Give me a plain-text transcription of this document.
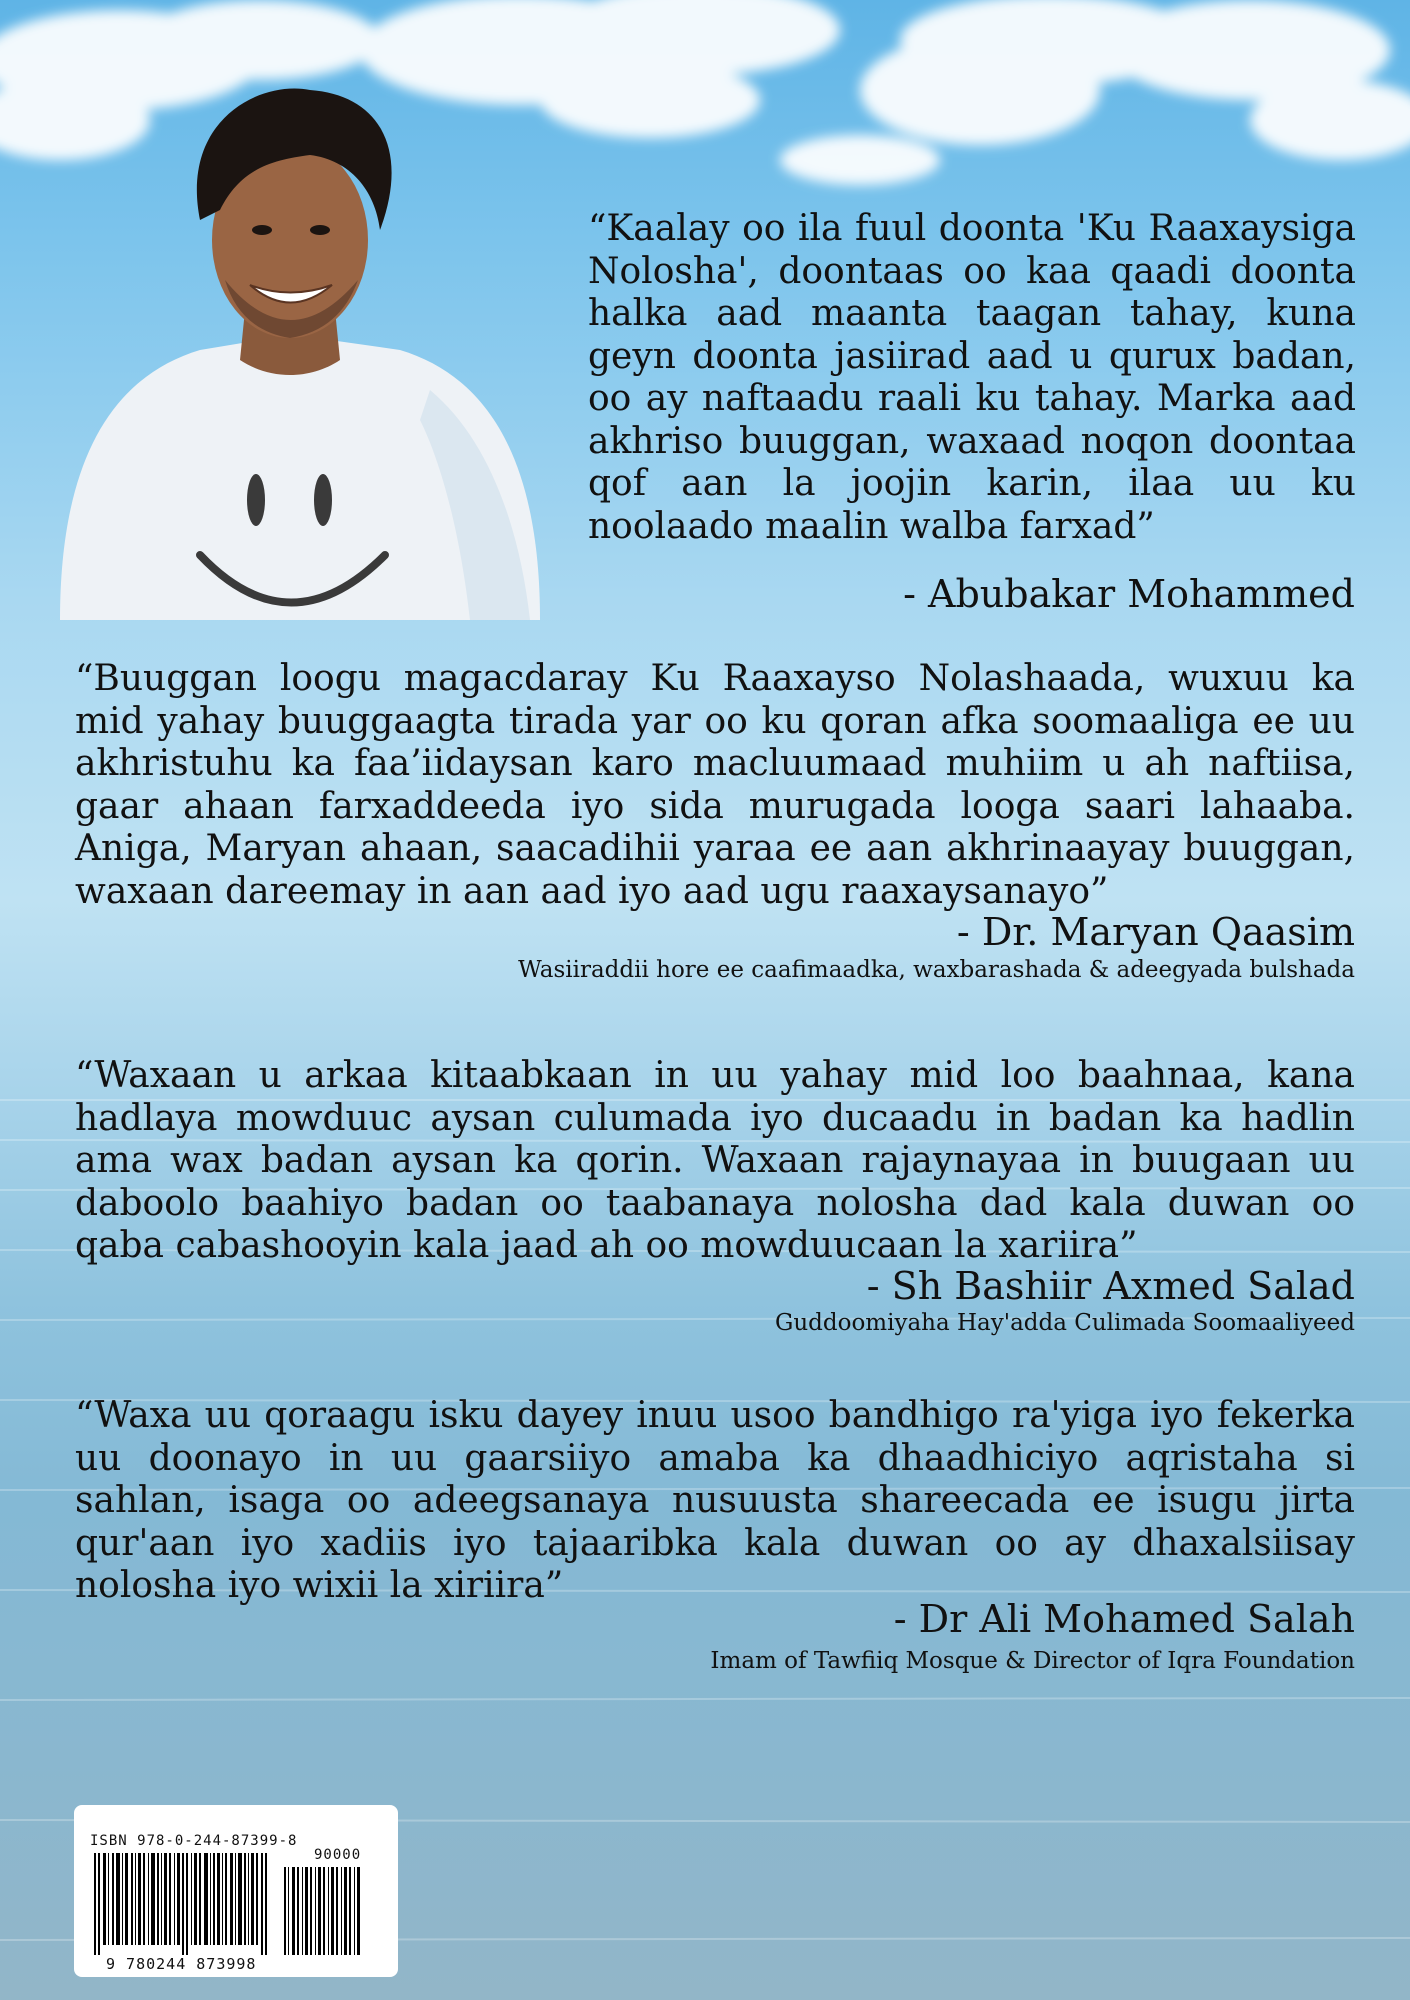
“Kaalay oo ila fuul doonta 'Ku Raaxaysiga Nolosha', doontaas oo kaa qaadi doonta halka aad maanta taagan tahay, kuna geyn doonta jasiirad aad u qurux badan, oo ay naftaadu raali ku tahay. Marka aad akhriso buuggan, waxaad noqon doontaa qof aan la joojin karin, ilaa uu ku noolaado maalin walba farxad”
- Abubakar Mohammed
“Buuggan loogu magacdaray Ku Raaxayso Nolashaada, wuxuu ka mid yahay buuggaagta tirada yar oo ku qoran afka soomaaliga ee uu akhristuhu ka faa’iidaysan karo macluumaad muhiim u ah naftiisa, gaar ahaan farxaddeeda iyo sida murugada looga saari lahaaba. Aniga, Maryan ahaan, saacadihii yaraa ee aan akhrinaayay buuggan, waxaan dareemay in aan aad iyo aad ugu raaxaysanayo”
- Dr. Maryan Qaasim
Wasiiraddii hore ee caafimaadka, waxbarashada & adeegyada bulshada
“Waxaan u arkaa kitaabkaan in uu yahay mid loo baahnaa, kana hadlaya mowduuc aysan culumada iyo ducaadu in badan ka hadlin ama wax badan aysan ka qorin. Waxaan rajaynayaa in buugaan uu daboolo baahiyo badan oo taabanaya nolosha dad kala duwan oo qaba cabashooyin kala jaad ah oo mowduucaan la xariira”
- Sh Bashiir Axmed Salad
Guddoomiyaha Hay'adda Culimada Soomaaliyeed
“Waxa uu qoraagu isku dayey inuu usoo bandhigo ra'yiga iyo fekerka uu doonayo in uu gaarsiiyo amaba ka dhaadhiciyo aqristaha si sahlan, isaga oo adeegsanaya nusuusta shareecada ee isugu jirta qur'aan iyo xadiis iyo tajaaribka kala duwan oo ay dhaxalsiisay nolosha iyo wixii la xiriira”
- Dr Ali Mohamed Salah
Imam of Tawfiiq Mosque & Director of Iqra Foundation
ISBN 978-0-244-87399-8
90000
9 780244 873998
